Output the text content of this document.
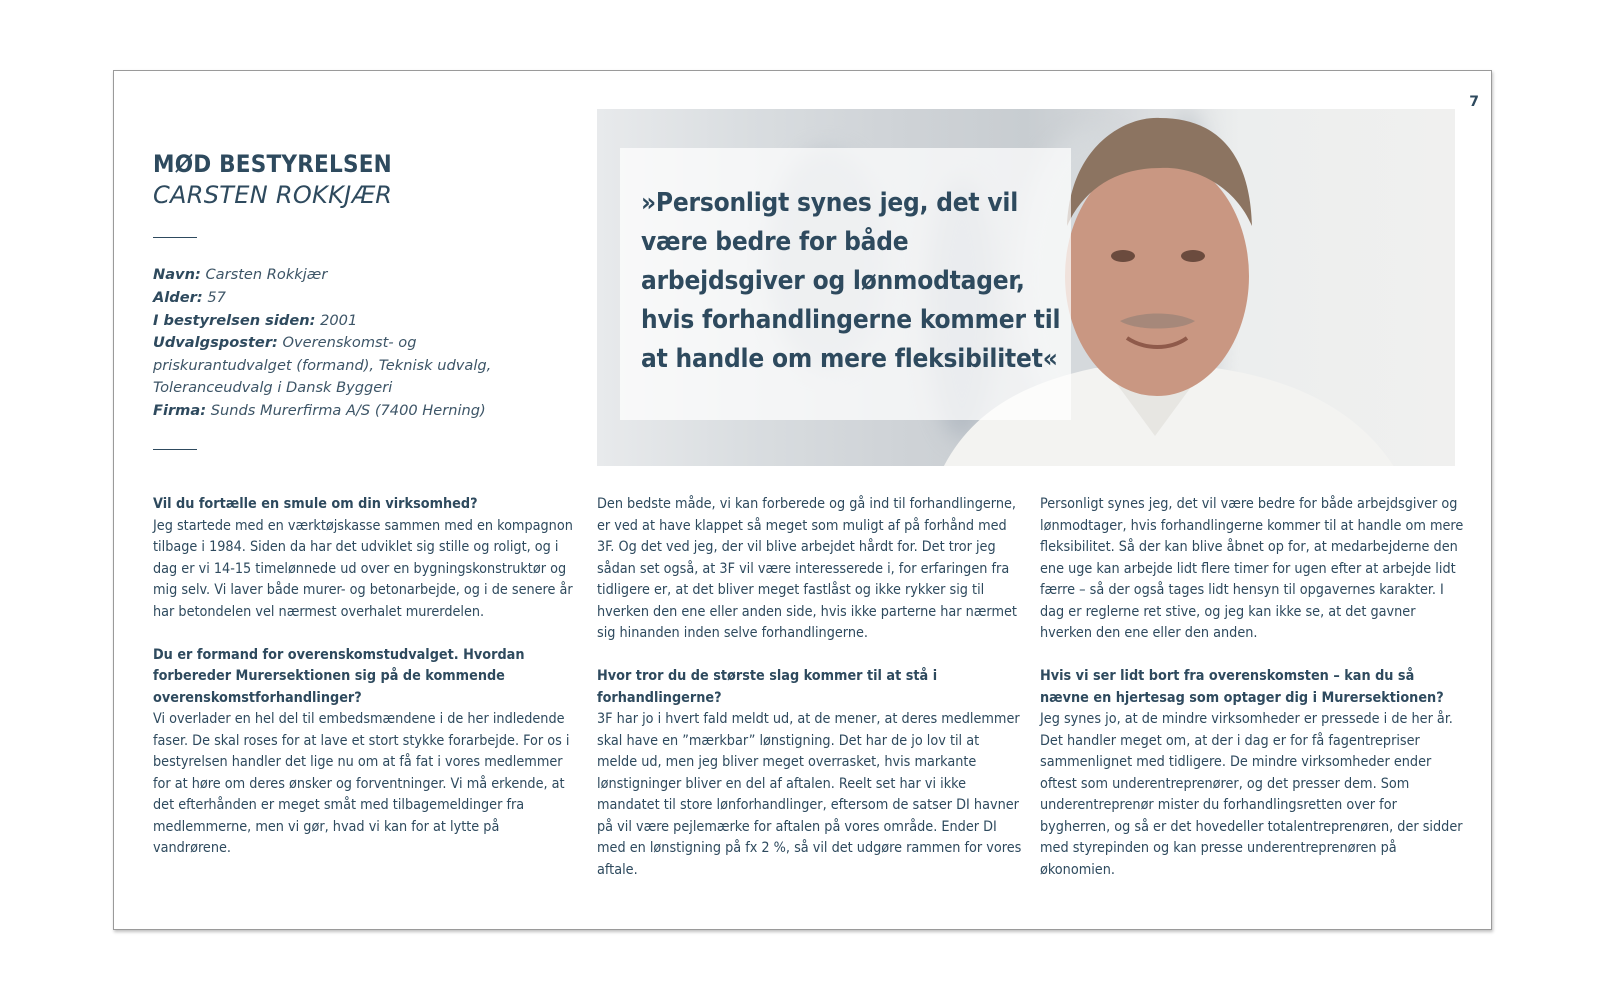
7
MØD BESTYRELSEN
CARSTEN ROKKJÆR
Navn: Carsten Rokkjær
Alder: 57
I bestyrelsen siden: 2001
Udvalgsposter: Overenskomst- og priskurantudvalget (formand), Teknisk udvalg, Toleranceudvalg i Dansk Byggeri
Firma: Sunds Murerfirma A/S (7400 Herning)

»Personligt synes jeg, det vil være bedre for både arbejdsgiver og lønmodtager, hvis forhandlingerne kommer til at handle om mere fleksibilitet«

Vil du fortælle en smule om din virksomhed?
Jeg startede med en værktøjskasse sammen med en kompagnon tilbage i 1984. Siden da har det udviklet sig stille og roligt, og i dag er vi 14-15 timelønnede ud over en bygningskonstruktør og mig selv. Vi laver både murer- og betonarbejde, og i de senere år har betondelen vel nærmest overhalet murerdelen.
Du er formand for overenskomstudvalget. Hvordan forbereder Murersektionen sig på de kommende overenskomstforhandlinger?
Vi overlader en hel del til embedsmændene i de her indledende faser. De skal roses for at lave et stort stykke forarbejde. For os i bestyrelsen handler det lige nu om at få fat i vores medlemmer for at høre om deres ønsker og forventninger. Vi må erkende, at det efterhånden er meget småt med tilbagemeldinger fra medlemmerne, men vi gør, hvad vi kan for at lytte på vandrørene.
Den bedste måde, vi kan forberede og gå ind til forhandlingerne, er ved at have klappet så meget som muligt af på forhånd med 3F. Og det ved jeg, der vil blive arbejdet hårdt for. Det tror jeg sådan set også, at 3F vil være interesserede i, for erfaringen fra tidligere er, at det bliver meget fastlåst og ikke rykker sig til hverken den ene eller anden side, hvis ikke parterne har nærmet sig hinanden inden selve forhandlingerne.
Hvor tror du de største slag kommer til at stå i forhandlingerne?
3F har jo i hvert fald meldt ud, at de mener, at deres medlemmer skal have en ”mærkbar” lønstigning. Det har de jo lov til at melde ud, men jeg bliver meget overrasket, hvis markante lønstigninger bliver en del af aftalen. Reelt set har vi ikke mandatet til store lønforhandlinger, eftersom de satser DI havner på vil være pejlemærke for aftalen på vores område. Ender DI med en lønstigning på fx 2 %, så vil det udgøre rammen for vores aftale.
Personligt synes jeg, det vil være bedre for både arbejdsgiver og lønmodtager, hvis forhandlingerne kommer til at handle om mere fleksibilitet. Så der kan blive åbnet op for, at medarbejderne den ene uge kan arbejde lidt flere timer for ugen efter at arbejde lidt færre – så der også tages lidt hensyn til opgavernes karakter. I dag er reglerne ret stive, og jeg kan ikke se, at det gavner hverken den ene eller den anden.
Hvis vi ser lidt bort fra overenskomsten – kan du så nævne en hjertesag som optager dig i Murersektionen?
Jeg synes jo, at de mindre virksomheder er pressede i de her år. Det handler meget om, at der i dag er for få fagentrepriser sammenlignet med tidligere. De mindre virksomheder ender oftest som underentreprenører, og det presser dem. Som underentreprenør mister du forhandlingsretten over for bygherren, og så er det hovedeller totalentreprenøren, der sidder med styrepinden og kan presse underentreprenøren på økonomien.
